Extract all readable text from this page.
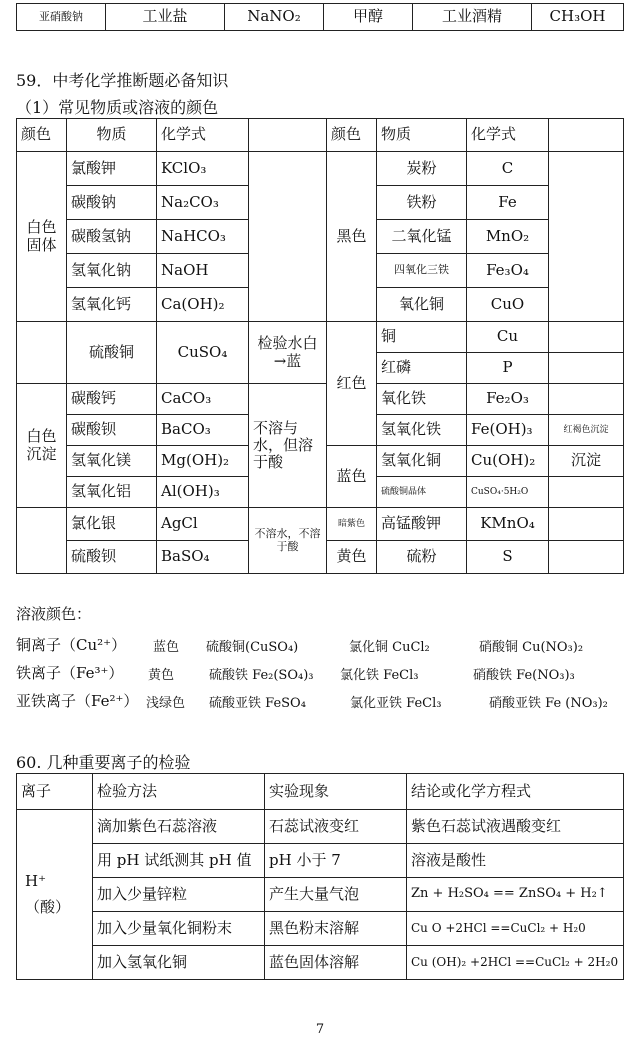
亚硝酸钠	工业盐	NaNO₂	甲醇	工业酒精	CH₃OH
59．中考化学推断题必备知识
（1）常见物质或溶液的颜色
颜色	物质	化学式		颜色	物质	化学式	
白色固体	氯酸钾	KClO₃		黑色	炭粉	C	
	碳酸钠	Na₂CO₃			铁粉	Fe	
	碳酸氢钠	NaHCO₃			二氧化锰	MnO₂	
	氢氧化钠	NaOH			四氧化三铁	Fe₃O₄	
	氢氧化钙	Ca(OH)₂			氧化铜	CuO	
	硫酸铜	CuSO₄	检验水白→蓝	红色	铜	Cu	
					红磷	P	
白色沉淀	碳酸钙	CaCO₃	不溶与水，但溶于酸		氧化铁	Fe₂O₃	
	碳酸钡	BaCO₃			氢氧化铁	Fe(OH)₃	红褐色沉淀
	氢氧化镁	Mg(OH)₂		蓝色	氢氧化铜	Cu(OH)₂	沉淀
	氢氧化铝	Al(OH)₃			硫酸铜晶体	CuSO₄·5H₂O	
	氯化银	AgCl	不溶水，不溶于酸	暗紫色	高锰酸钾	KMnO₄	
	硫酸钡	BaSO₄		黄色	硫粉	S	
溶液颜色：
铜离子（Cu²⁺） 蓝色 硫酸铜(CuSO₄)	氯化铜 CuCl₂	硝酸铜 Cu(NO₃)₂
铁离子（Fe³⁺） 黄色	硫酸铁 Fe₂(SO₄)₃ 氯化铁 FeCl₃	硝酸铁 Fe(NO₃)₃
亚铁离子（Fe²⁺） 浅绿色 硫酸亚铁 FeSO₄	氯化亚铁 FeCl₃	硝酸亚铁 Fe (NO₃)₂
60. 几种重要离子的检验
离子	检验方法	实验现象	结论或化学方程式

H⁺
（酸）	滴加紫色石蕊溶液	石蕊试液变红	紫色石蕊试液遇酸变红
	用 pH 试纸测其 pH 值	pH 小于 7	溶液是酸性
	加入少量锌粒	产生大量气泡	Zn + H₂SO₄ == ZnSO₄ + H₂↑
	加入少量氧化铜粉末	黑色粉末溶解	Cu O +2HCl ==CuCl₂ + H₂0
	加入氢氧化铜	蓝色固体溶解	Cu (OH)₂ +2HCl ==CuCl₂ + 2H₂0
7
